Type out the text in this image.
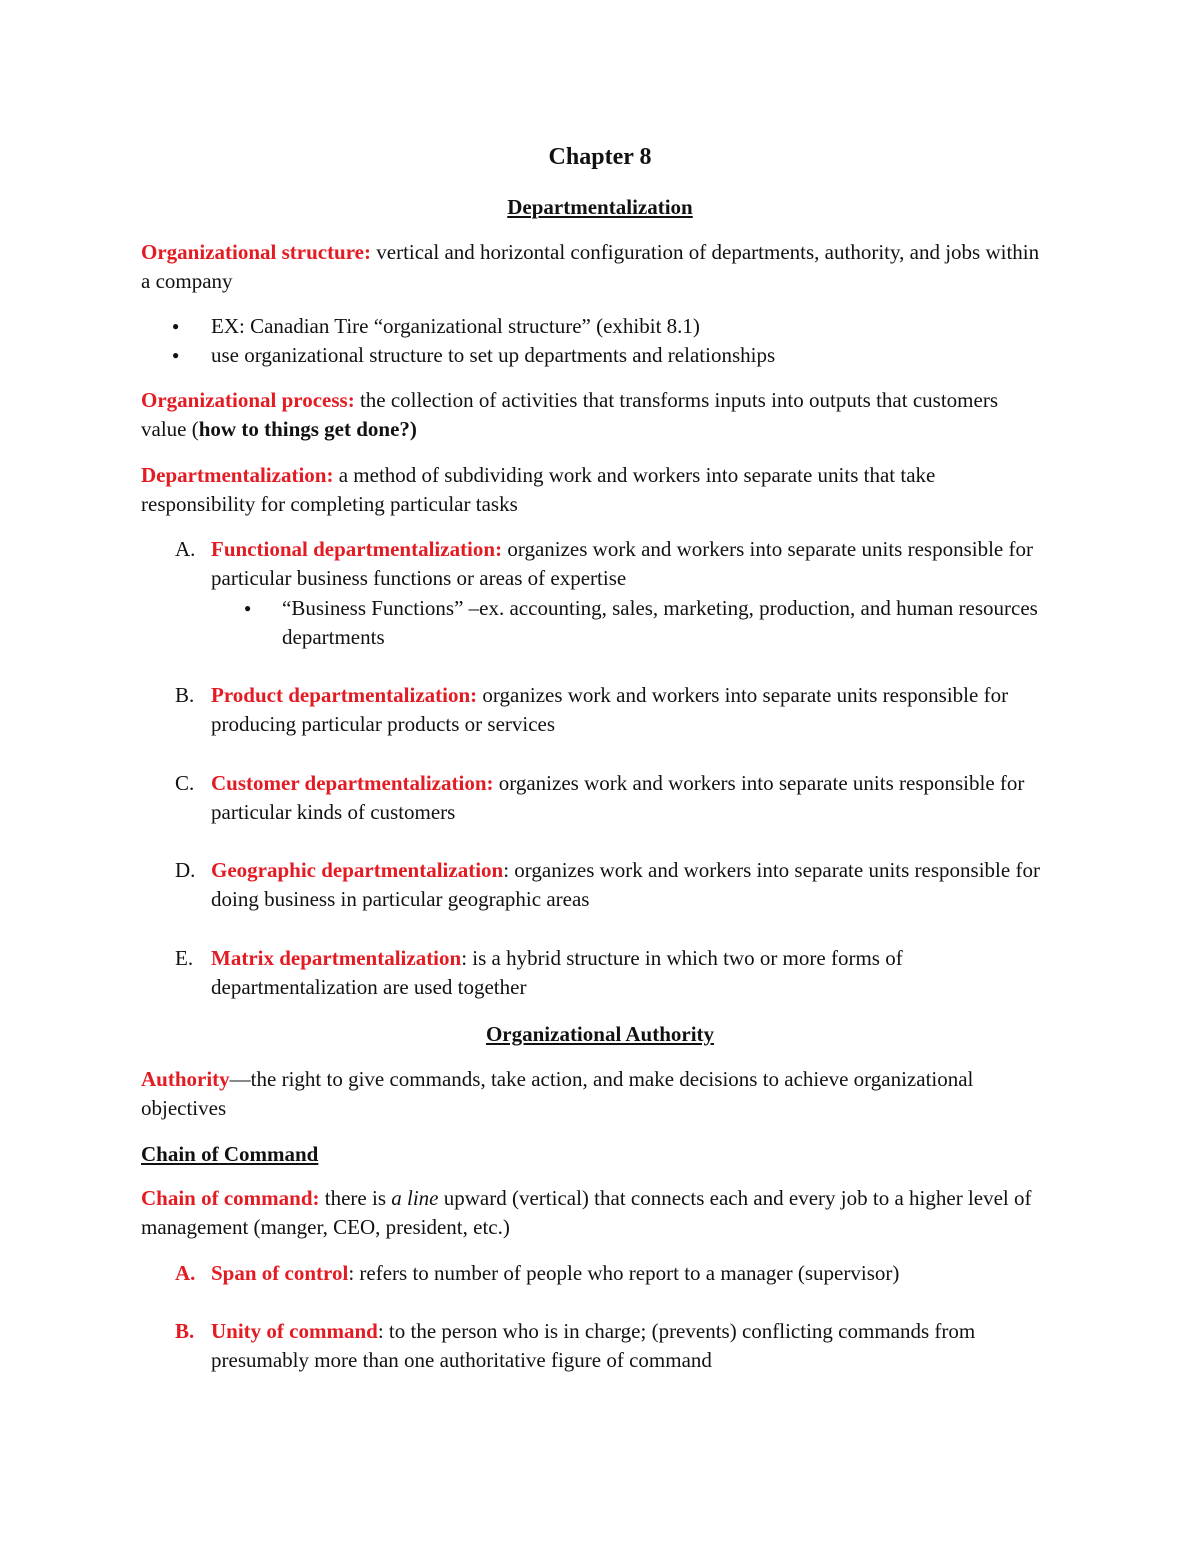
Chapter 8
Departmentalization

Organizational structure: vertical and horizontal configuration of departments, authority, and jobs within a company

● EX: Canadian Tire “organizational structure” (exhibit 8.1)

● use organizational structure to set up departments and relationships

Organizational process: the collection of activities that transforms inputs into outputs that customers value (how to things get done?)

Departmentalization: a method of subdividing work and workers into separate units that take responsibility for completing particular tasks

A. Functional departmentalization: organizes work and workers into separate units responsible for particular business functions or areas of expertise

● “Business Functions” –ex. accounting, sales, marketing, production, and human resources departments

B. Product departmentalization: organizes work and workers into separate units responsible for producing particular products or services

C. Customer departmentalization: organizes work and workers into separate units responsible for particular kinds of customers

D. Geographic departmentalization: organizes work and workers into separate units responsible for doing business in particular geographic areas

E. Matrix departmentalization: is a hybrid structure in which two or more forms of departmentalization are used together

Organizational Authority

Authority—the right to give commands, take action, and make decisions to achieve organizational objectives

Chain of Command

Chain of command: there is a line upward (vertical) that connects each and every job to a higher level of management (manger, CEO, president, etc.)

A. Span of control: refers to number of people who report to a manager (supervisor)

B. Unity of command: to the person who is in charge; (prevents) conflicting commands from presumably more than one authoritative figure of command
